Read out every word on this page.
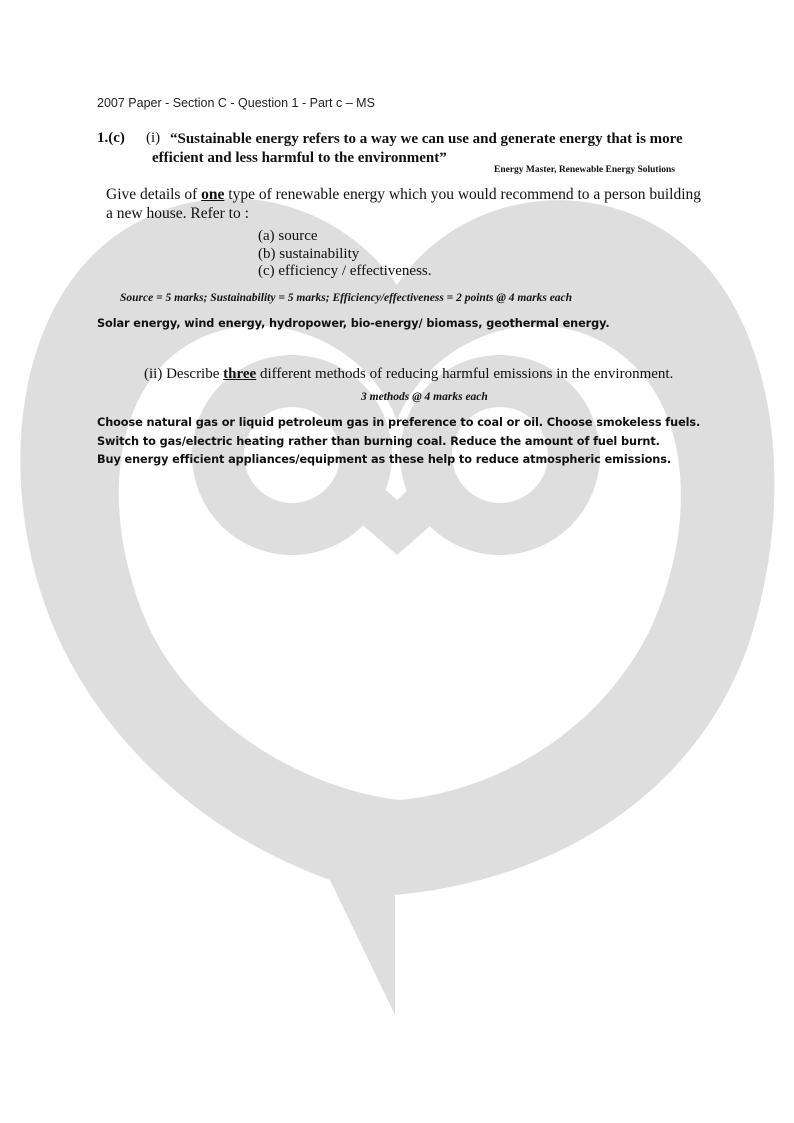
2007 Paper - Section C - Question 1 - Part c – MS

1.(c) (i) “Sustainable energy refers to a way we can use and generate energy that is more
efficient and less harmful to the environment”

Energy Master, Renewable Energy Solutions

Give details of one type of renewable energy which you would recommend to a person building a new house. Refer to :

(a) source
(b) sustainability
(c) efficiency / effectiveness.

Source = 5 marks; Sustainability = 5 marks; Efficiency/effectiveness = 2 points @ 4 marks each

Solar energy, wind energy, hydropower, bio-energy/ biomass, geothermal energy.

(ii) Describe three different methods of reducing harmful emissions in the environment.

3 methods @ 4 marks each

Choose natural gas or liquid petroleum gas in preference to coal or oil. Choose smokeless fuels.
Switch to gas/electric heating rather than burning coal. Reduce the amount of fuel burnt.
Buy energy efficient appliances/equipment as these help to reduce atmospheric emissions.
